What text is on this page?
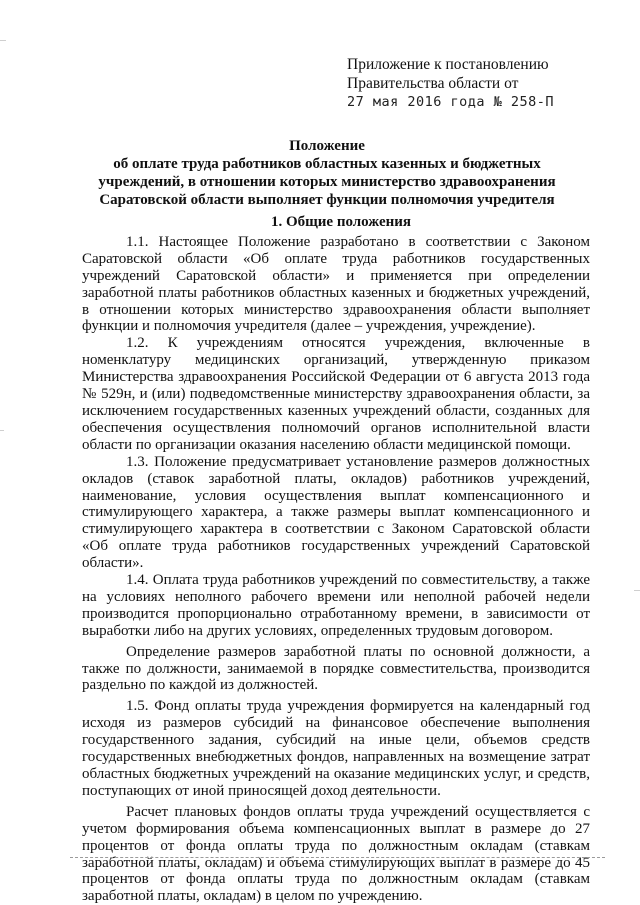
Приложение к постановлению
Правительства области от
27 мая 2016 года № 258-П
Положение
об оплате труда работников областных казенных и бюджетных
учреждений, в отношении которых министерство здравоохранения
Саратовской области выполняет функции полномочия учредителя
1. Общие положения

1.1. Настоящее Положение разработано в соответствии с Законом Саратовской области «Об оплате труда работников государственных учреждений Саратовской области» и применяется при определении заработной платы работников областных казенных и бюджетных учреждений, в отношении которых министерство здравоохранения области выполняет функции и полномочия учредителя (далее – учреждения, учреждение).

1.2. К учреждениям относятся учреждения, включенные в номенклатуру медицинских организаций, утвержденную приказом Министерства здравоохранения Российской Федерации от 6 августа 2013 года № 529н, и (или) подведомственные министерству здравоохранения области, за исключением государственных казенных учреждений области, созданных для обеспечения осуществления полномочий органов исполнительной власти области по организации оказания населению области медицинской помощи.

1.3. Положение предусматривает установление размеров должностных окладов (ставок заработной платы, окладов) работников учреждений, наименование, условия осуществления выплат компенсационного и стимулирующего характера, а также размеры выплат компенсационного и стимулирующего характера в соответствии с Законом Саратовской области «Об оплате труда работников государственных учреждений Саратовской области».

1.4. Оплата труда работников учреждений по совместительству, а также на условиях неполного рабочего времени или неполной рабочей недели производится пропорционально отработанному времени, в зависимости от выработки либо на других условиях, определенных трудовым договором.

Определение размеров заработной платы по основной должности, а также по должности, занимаемой в порядке совместительства, производится раздельно по каждой из должностей.

1.5. Фонд оплаты труда учреждения формируется на календарный год исходя из размеров субсидий на финансовое обеспечение выполнения государственного задания, субсидий на иные цели, объемов средств государственных внебюджетных фондов, направленных на возмещение затрат областных бюджетных учреждений на оказание медицинских услуг, и средств, поступающих от иной приносящей доход деятельности.

Расчет плановых фондов оплаты труда учреждений осуществляется с учетом формирования объема компенсационных выплат в размере до 27 процентов от фонда оплаты труда по должностным окладам (ставкам заработной платы, окладам) и объема стимулирующих выплат в размере до 45 процентов от фонда оплаты труда по должностным окладам (ставкам заработной платы, окладам) в целом по учреждению.
